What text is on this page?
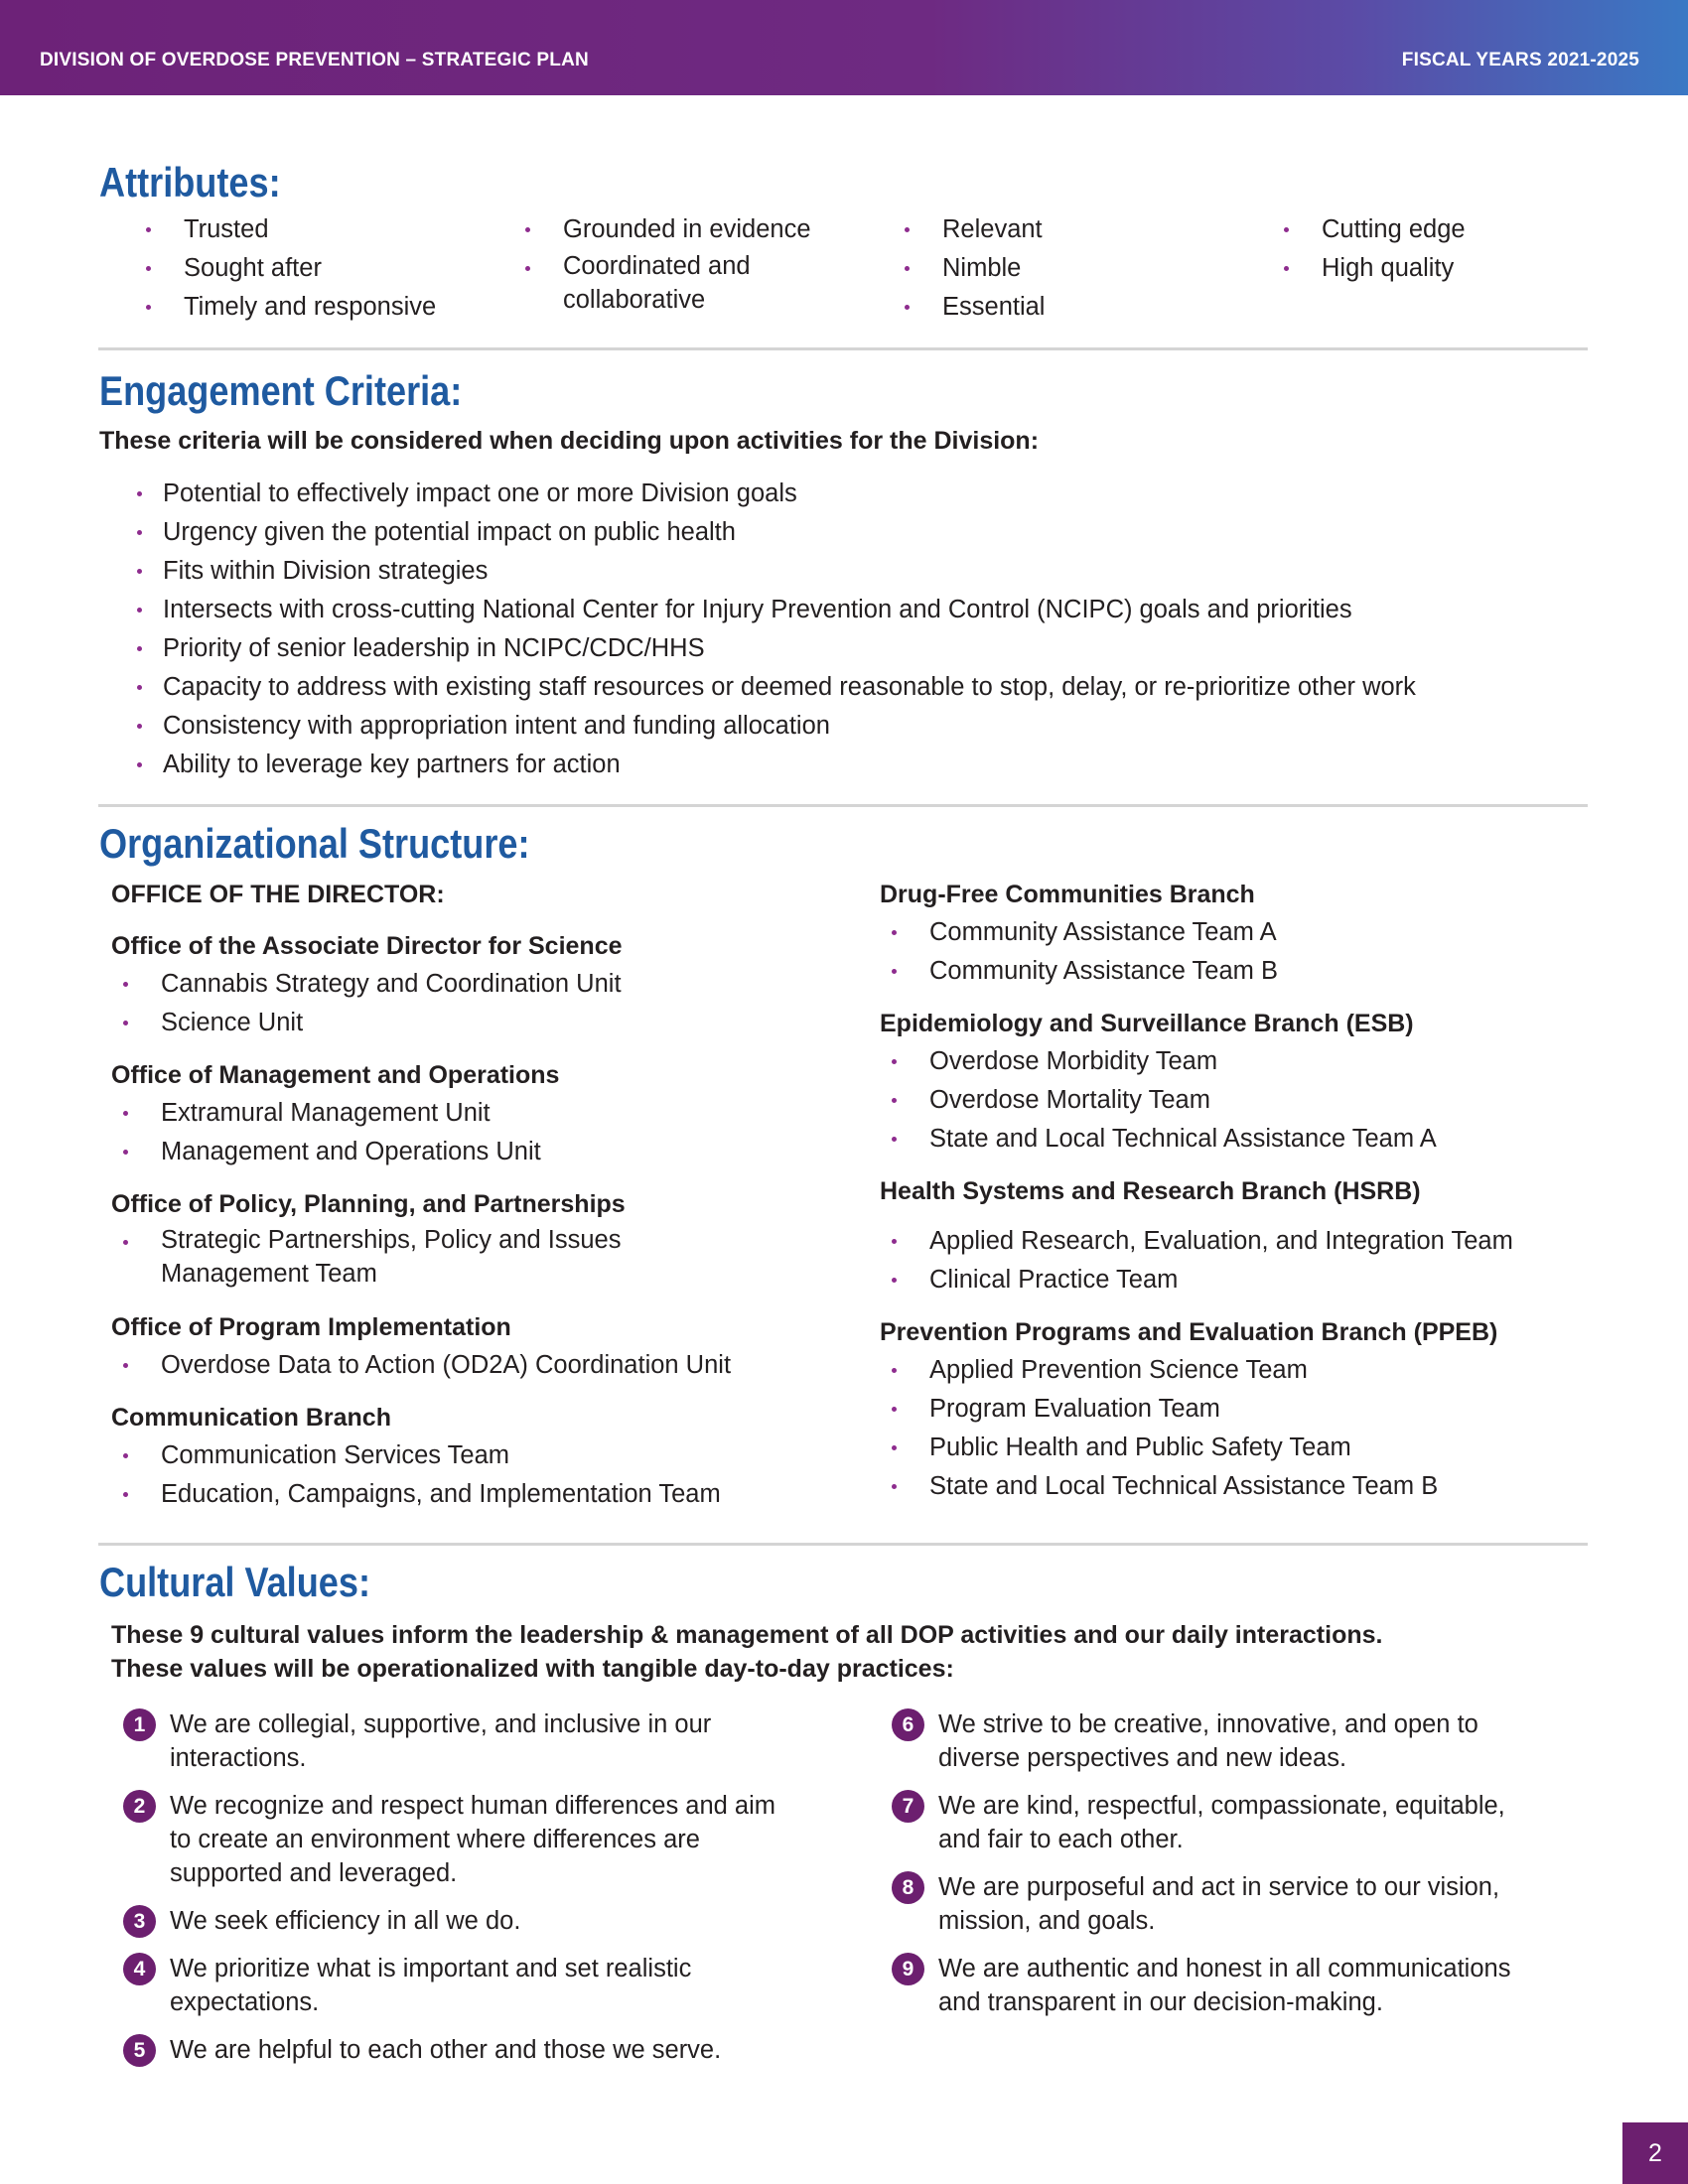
DIVISION OF OVERDOSE PREVENTION – STRATEGIC PLAN	FISCAL YEARS 2021-2025
Attributes:
Trusted
Sought after
Timely and responsive
Grounded in evidence
Coordinated and collaborative
Relevant
Nimble
Essential
Cutting edge
High quality
Engagement Criteria:
These criteria will be considered when deciding upon activities for the Division:
Potential to effectively impact one or more Division goals
Urgency given the potential impact on public health
Fits within Division strategies
Intersects with cross-cutting National Center for Injury Prevention and Control (NCIPC) goals and priorities
Priority of senior leadership in NCIPC/CDC/HHS
Capacity to address with existing staff resources or deemed reasonable to stop, delay, or re-prioritize other work
Consistency with appropriation intent and funding allocation
Ability to leverage key partners for action
Organizational Structure:
OFFICE OF THE DIRECTOR:
Office of the Associate Director for Science
Cannabis Strategy and Coordination Unit
Science Unit
Office of Management and Operations
Extramural Management Unit
Management and Operations Unit
Office of Policy, Planning, and Partnerships
Strategic Partnerships, Policy and Issues Management Team
Office of Program Implementation
Overdose Data to Action (OD2A) Coordination Unit
Communication Branch
Communication Services Team
Education, Campaigns, and Implementation Team
Drug-Free Communities Branch
Community Assistance Team A
Community Assistance Team B
Epidemiology and Surveillance Branch (ESB)
Overdose Morbidity Team
Overdose Mortality Team
State and Local Technical Assistance Team A
Health Systems and Research Branch (HSRB)
Applied Research, Evaluation, and Integration Team
Clinical Practice Team
Prevention Programs and Evaluation Branch (PPEB)
Applied Prevention Science Team
Program Evaluation Team
Public Health and Public Safety Team
State and Local Technical Assistance Team B
Cultural Values:
These 9 cultural values inform the leadership & management of all DOP activities and our daily interactions.
These values will be operationalized with tangible day-to-day practices:
1 We are collegial, supportive, and inclusive in our interactions.
2 We recognize and respect human differences and aim to create an environment where differences are supported and leveraged.
3 We seek efficiency in all we do.
4 We prioritize what is important and set realistic expectations.
5 We are helpful to each other and those we serve.
6 We strive to be creative, innovative, and open to diverse perspectives and new ideas.
7 We are kind, respectful, compassionate, equitable, and fair to each other.
8 We are purposeful and act in service to our vision, mission, and goals.
9 We are authentic and honest in all communications and transparent in our decision-making.
2
